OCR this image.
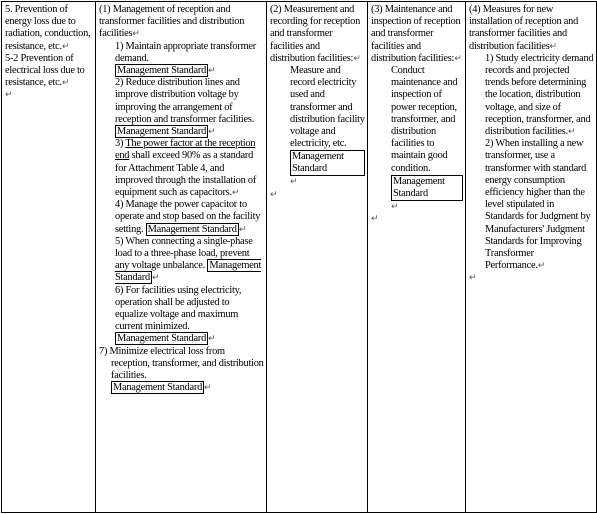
5. Prevention of energy loss due to radiation, conduction, resistance, etc.↵

5-2 Prevention of electrical loss due to resistance, etc.↵

↵

(1) Management of reception and transformer facilities and distribution facilities↵

1) Maintain appropriate transformer demand.
Management Standard ↵

2) Reduce distribution lines and improve distribution voltage by improving the arrangement of reception and transformer facilities. Management Standard ↵

3) The power factor at the reception end shall exceed 90% as a standard for Attachment Table 4, and improved through the installation of equipment such as capacitors.↵

4) Manage the power capacitor to operate and stop based on the facility setting. Management Standard ↵

5) When connecting a single-phase load to a three-phase load, prevent any voltage unbalance. Management Standard ↵

6) For facilities using electricity, operation shall be adjusted to equalize voltage and maximum current minimized.
Management Standard ↵

7) Minimize electrical loss from reception, transformer, and distribution facilities.
Management Standard ↵

(2) Measurement and recording for reception and transformer facilities and distribution facilities:↵

Measure and record electricity used and transformer and distribution facility voltage and electricity, etc.
Management Standard↵

↵

(3) Maintenance and inspection of reception and transformer facilities and distribution facilities:↵

Conduct maintenance and inspection of power reception, transformer, and distribution facilities to maintain good condition.
Management Standard↵

↵

(4) Measures for new installation of reception and transformer facilities and distribution facilities↵

1) Study electricity demand records and projected trends before determining the location, distribution voltage, and size of reception, transformer, and distribution facilities.↵

2) When installing a new transformer, use a transformer with standard energy consumption efficiency higher than the level stipulated in Standards for Judgment by Manufacturers' Judgment Standards for Improving Transformer Performance.↵

↵
